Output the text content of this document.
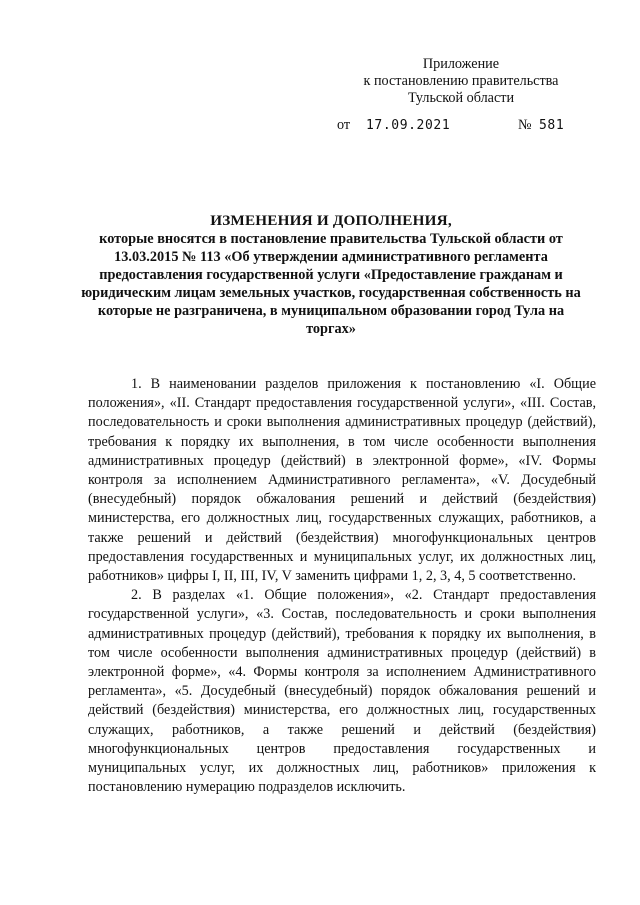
Приложение
к постановлению правительства
Тульской области
от 17.09.2021	№ 581
ИЗМЕНЕНИЯ И ДОПОЛНЕНИЯ,
которые вносятся в постановление правительства Тульской области от 13.03.2015 № 113 «Об утверждении административного регламента предоставления государственной услуги «Предоставление гражданам и юридическим лицам земельных участков, государственная собственность на которые не разграничена, в муниципальном образовании город Тула на торгах»

1. В наименовании разделов приложения к постановлению «I. Общие положения», «II. Стандарт предоставления государственной услуги», «III. Состав, последовательность и сроки выполнения административных процедур (действий), требования к порядку их выполнения, в том числе особенности выполнения административных процедур (действий) в электронной форме», «IV. Формы контроля за исполнением Административного регламента», «V. Досудебный (внесудебный) порядок обжалования решений и действий (бездействия) министерства, его должностных лиц, государственных служащих, работников, а также решений и действий (бездействия) многофункциональных центров предоставления государственных и муниципальных услуг, их должностных лиц, работников» цифры I, II, III, IV, V заменить цифрами 1, 2, 3, 4, 5 соответственно.

2. В разделах «1. Общие положения», «2. Стандарт предоставления государственной услуги», «3. Состав, последовательность и сроки выполнения административных процедур (действий), требования к порядку их выполнения, в том числе особенности выполнения административных процедур (действий) в электронной форме», «4. Формы контроля за исполнением Административного регламента», «5. Досудебный (внесудебный) порядок обжалования решений и действий (бездействия) министерства, его должностных лиц, государственных служащих, работников, а также решений и действий (бездействия) многофункциональных центров предоставления государственных и муниципальных услуг, их должностных лиц, работников» приложения к постановлению нумерацию подразделов исключить.
